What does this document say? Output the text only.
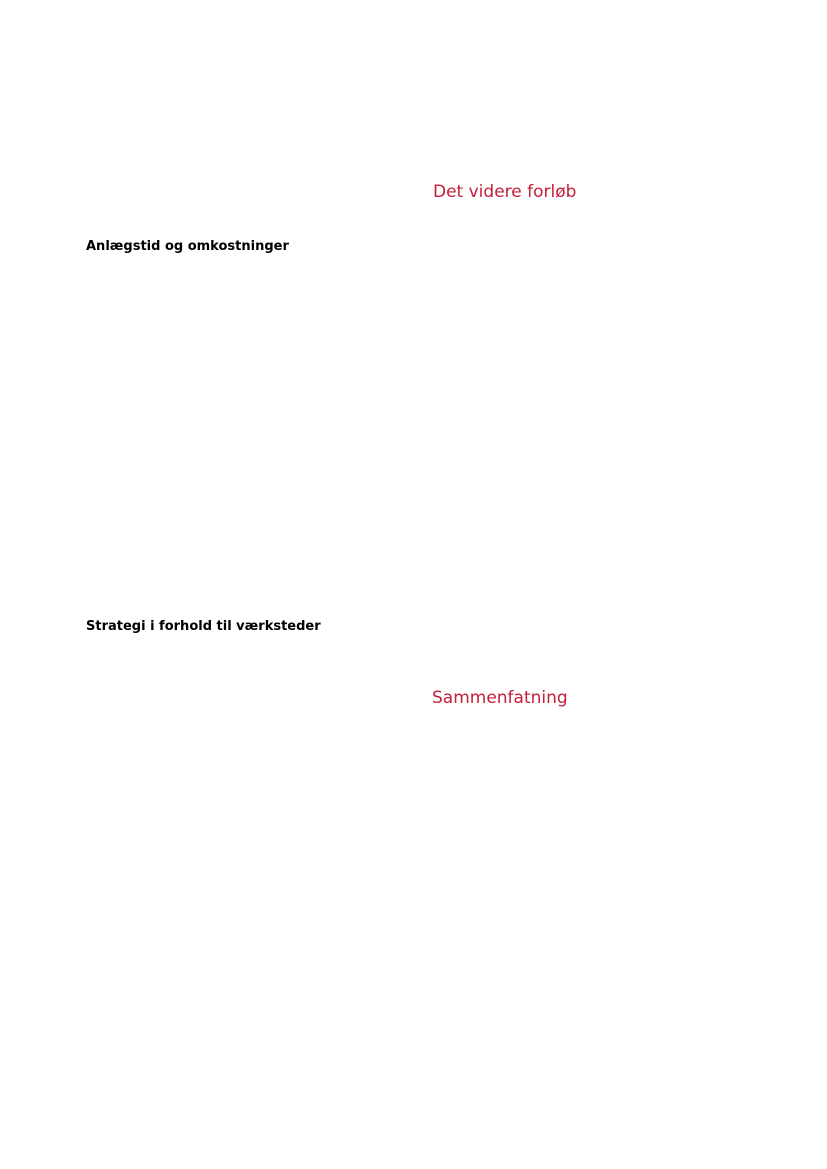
Det videre forløb
Anlægstid og omkostninger
Strategi i forhold til værksteder
Sammenfatning
